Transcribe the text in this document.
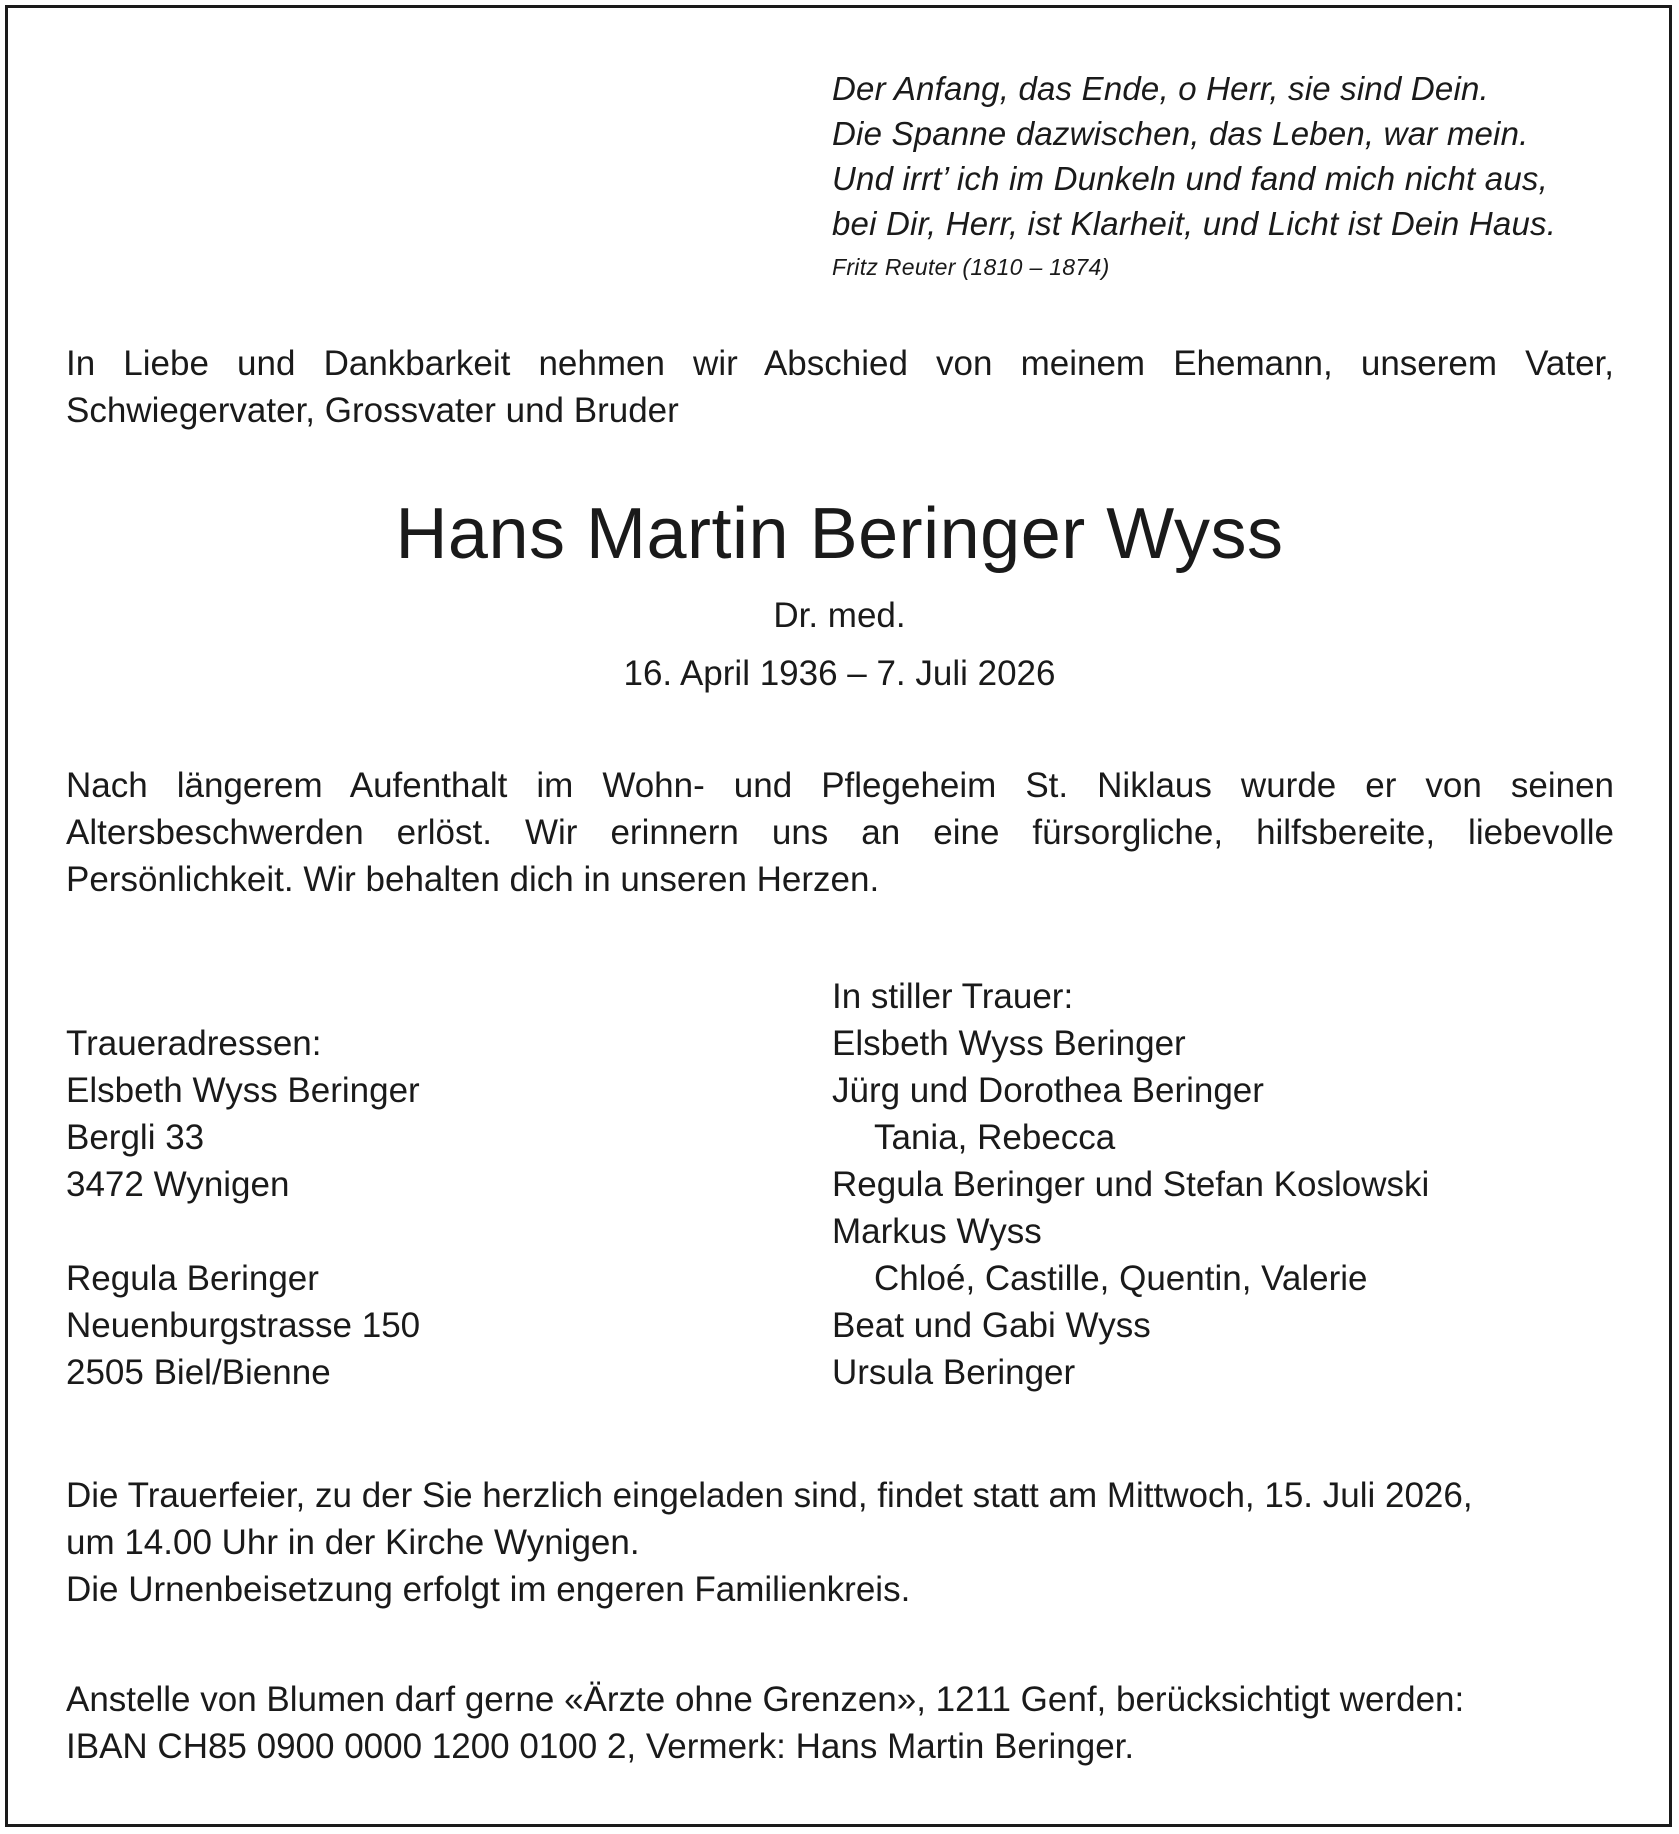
Der Anfang, das Ende, o Herr, sie sind Dein.
Die Spanne dazwischen, das Leben, war mein.
Und irrt’ ich im Dunkeln und fand mich nicht aus,
bei Dir, Herr, ist Klarheit, und Licht ist Dein Haus.
Fritz Reuter (1810 – 1874)
In Liebe und Dankbarkeit nehmen wir Abschied von meinem Ehemann, unserem Vater, Schwiegervater, Grossvater und Bruder
Hans Martin Beringer Wyss
Dr. med.
16. April 1936 – 7. Juli 2026
Nach längerem Aufenthalt im Wohn- und Pflegeheim St. Niklaus wurde er von seinen Altersbeschwerden erlöst. Wir erinnern uns an eine fürsorgliche, hilfsbereite, liebevolle Persönlichkeit. Wir behalten dich in unseren Herzen.
Traueradressen:
Elsbeth Wyss Beringer
Bergli 33
3472 Wynigen
Regula Beringer
Neuenburgstrasse 150
2505 Biel/Bienne
In stiller Trauer:
Elsbeth Wyss Beringer
Jürg und Dorothea Beringer
Tania, Rebecca
Regula Beringer und Stefan Koslowski
Markus Wyss
Chloé, Castille, Quentin, Valerie
Beat und Gabi Wyss
Ursula Beringer
Die Trauerfeier, zu der Sie herzlich eingeladen sind, findet statt am Mittwoch, 15. Juli 2026,
um 14.00 Uhr in der Kirche Wynigen.
Die Urnenbeisetzung erfolgt im engeren Familienkreis.
Anstelle von Blumen darf gerne «Ärzte ohne Grenzen», 1211 Genf, berücksichtigt werden:
IBAN CH85 0900 0000 1200 0100 2, Vermerk: Hans Martin Beringer.
